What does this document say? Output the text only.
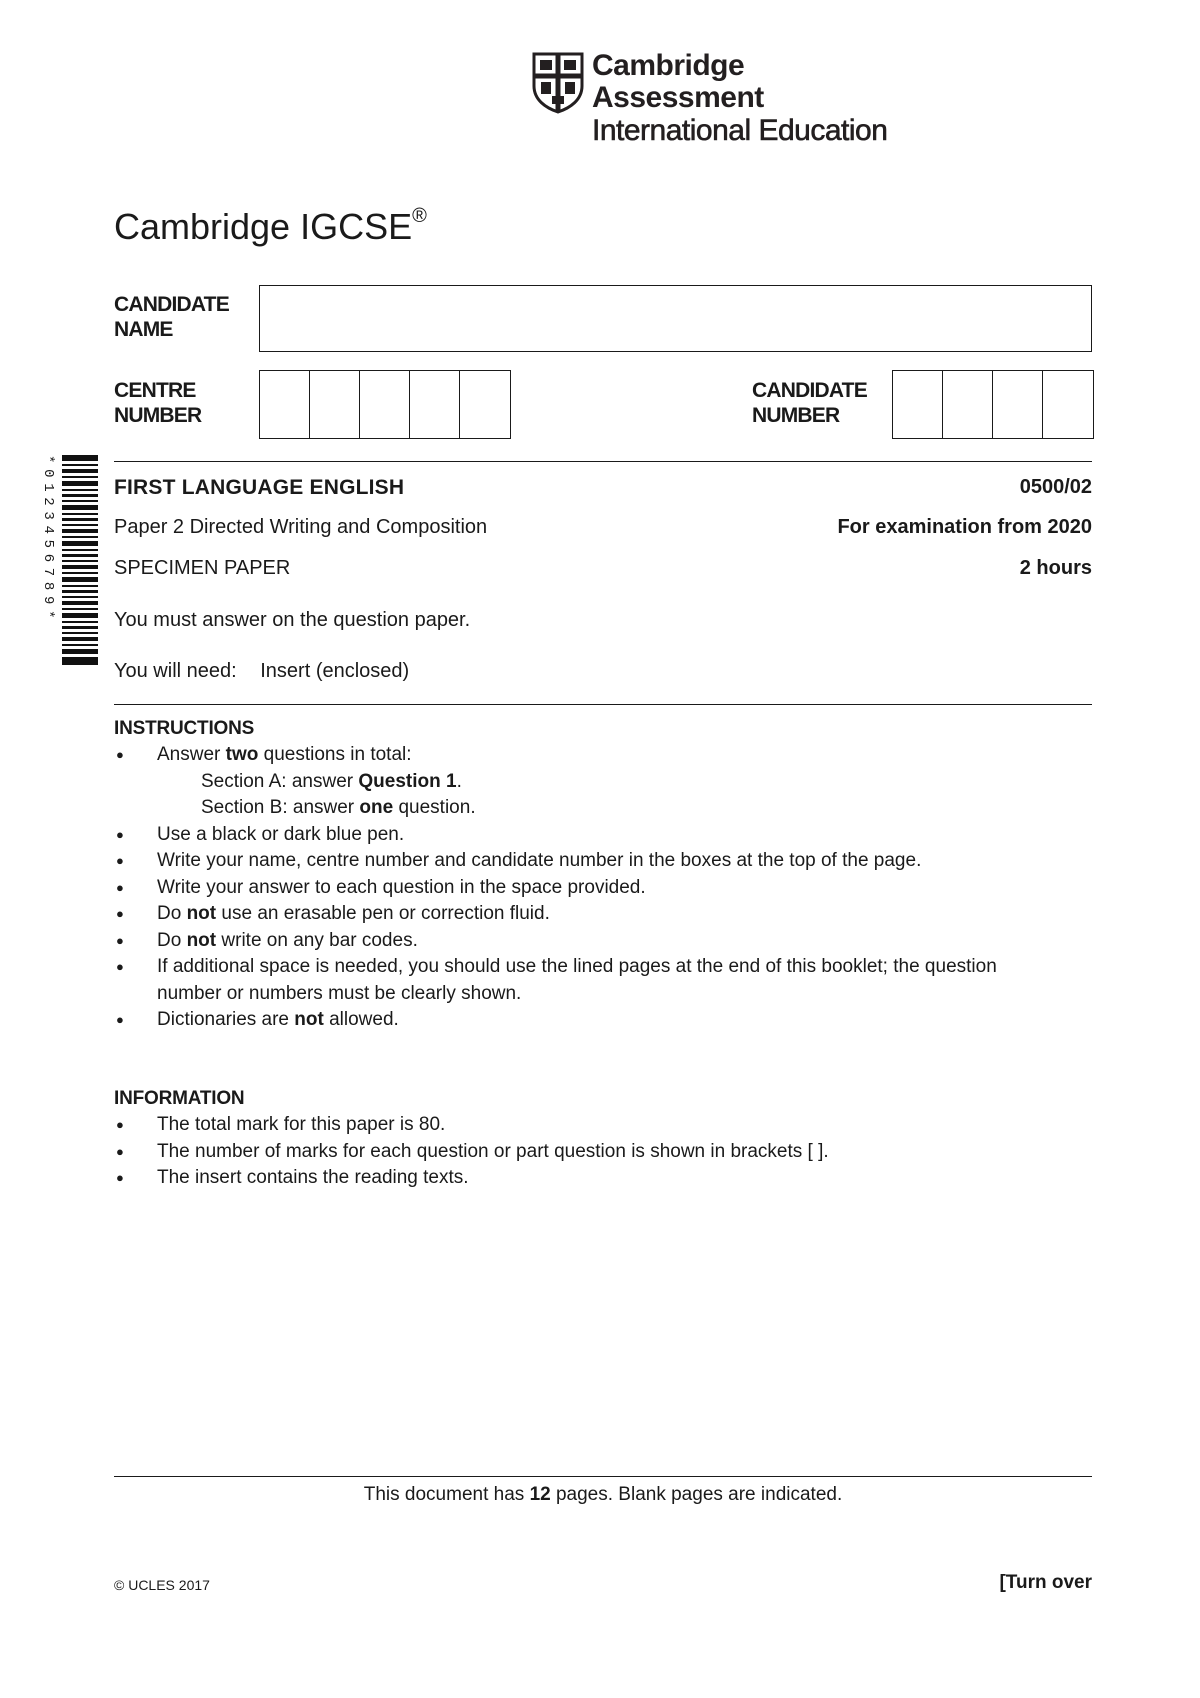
Cambridge Assessment
International Education
Cambridge IGCSE®
CANDIDATE
NAME
CENTRE
NUMBER
CANDIDATE
NUMBER
*0123456789*	FIRST LANGUAGE ENGLISH	0500/02
Paper 2 Directed Writing and Composition	For examination from 2020
SPECIMEN PAPER	2 hours
You must answer on the question paper.
You will need: Insert (enclosed)
INSTRUCTIONS
● Answer two questions in total:
Section A: answer Question 1.
Section B: answer one question.
● Use a black or dark blue pen.
● Write your name, centre number and candidate number in the boxes at the top of the page.
● Write your answer to each question in the space provided.
● Do not use an erasable pen or correction fluid.
● Do not write on any bar codes.
● If additional space is needed, you should use the lined pages at the end of this booklet; the question
number or numbers must be clearly shown.
● Dictionaries are not allowed.
INFORMATION
● The total mark for this paper is 80.
● The number of marks for each question or part question is shown in brackets [ ].
● The insert contains the reading texts.
This document has 12 pages. Blank pages are indicated.
© UCLES 2017	[Turn over
